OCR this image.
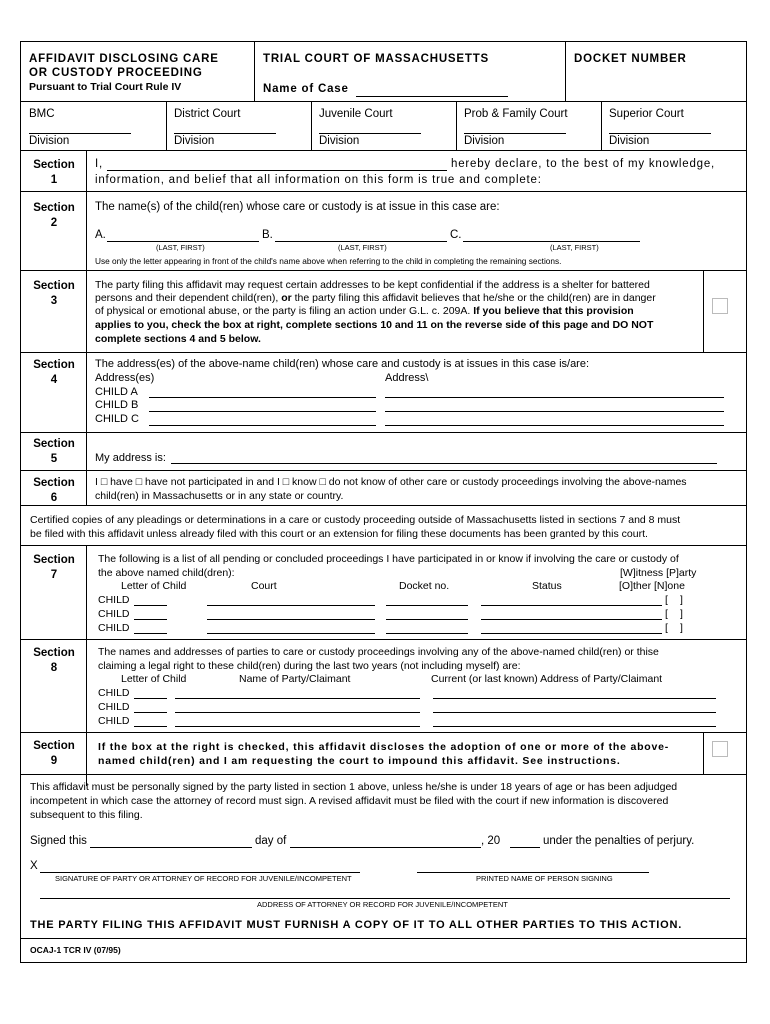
AFFIDAVIT DISCLOSING CARE
OR CUSTODY PROCEEDING
Pursuant to Trial Court Rule IV
TRIAL COURT OF MASSACHUSETTS
Name of Case
DOCKET NUMBER
BMC
Division
District Court
Division
Juvenile Court
Division
Prob & Family Court
Division
Superior Court
Division
Section
1
I,	hereby declare, to the best of my knowledge,
information, and belief that all information on this form is true and complete:
Section
2
The name(s) of the child(ren) whose care or custody is at issue in this case are:
A.	B.	C.
(LAST, FIRST)	(LAST, FIRST)	(LAST, FIRST)
Use only the letter appearing in front of the child's name above when referring to the child in completing the remaining sections.
Section
3
The party filing this affidavit may request certain addresses to be kept confidential if the address is a shelter for battered
persons and their dependent child(ren), or the party filing this affidavit believes that he/she or the child(ren) are in danger
of physical or emotional abuse, or the party is filing an action under G.L. c. 209A. If you believe that this provision
applies to you, check the box at right, complete sections 10 and 11 on the reverse side of this page and DO NOT
complete sections 4 and 5 below.
Section
4
The address(es) of the above-name child(ren) whose care and custody is at issues in this case is/are:
Address(es)	Address\
CHILD A
CHILD B
CHILD C
Section
5	My address is:
Section
6
I □ have □ have not participated in and I □ know □ do not know of other care or custody proceedings involving the above-names
child(ren) in Massachusetts or in any state or country.
Certified copies of any pleadings or determinations in a care or custody proceeding outside of Massachusetts listed in sections 7 and 8 must
be filed with this affidavit unless already filed with this court or an extension for filing these documents has been granted by this court.
Section
7
The following is a list of all pending or concluded proceedings I have participated in or know if involving the care or custody of
the above named child(dren):	[W]itness [P]arty
Letter of Child	Court	Docket no.	Status	[O]ther [N]one
CHILD	[ ]
CHILD	[ ]
CHILD	[ ]
Section
8
The names and addresses of parties to care or custody proceedings involving any of the above-named child(ren) or thise
claiming a legal right to these child(ren) during the last two years (not including myself) are:
Letter of Child	Name of Party/Claimant	Current (or last known) Address of Party/Claimant
CHILD
CHILD
CHILD
Section
9
If the box at the right is checked, this affidavit discloses the adoption of one or more of the above-
named child(ren) and I am requesting the court to impound this affidavit. See instructions.
This affidavit must be personally signed by the party listed in section 1 above, unless he/she is under 18 years of age or has been adjudged
incompetent in which case the attorney of record must sign. A revised affidavit must be filed with the court if new information is discovered
subsequent to this filing.
Signed this	day of	, 20	under the penalties of perjury.
X
SIGNATURE OF PARTY OR ATTORNEY OF RECORD FOR JUVENILE/INCOMPETENT	PRINTED NAME OF PERSON SIGNING
ADDRESS OF ATTORNEY OR RECORD FOR JUVENILE/INCOMPETENT
THE PARTY FILING THIS AFFIDAVIT MUST FURNISH A COPY OF IT TO ALL OTHER PARTIES TO THIS ACTION.
OCAJ-1 TCR IV (07/95)
